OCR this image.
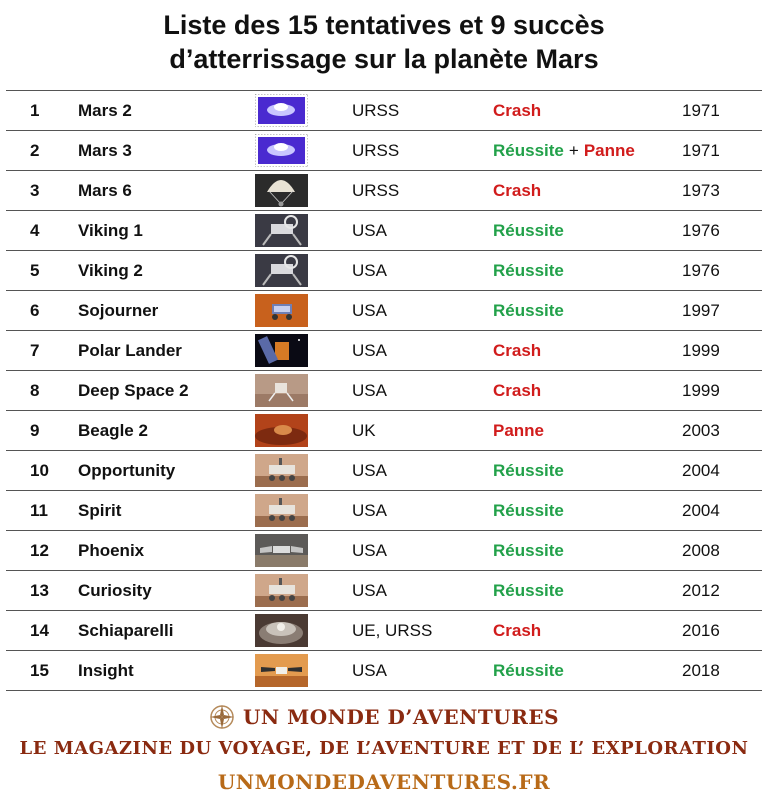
Liste des 15 tentatives et 9 succès
d’atterrissage sur la planète Mars
1 Mars 2	URSS	Crash	1971
2 Mars 3	URSS	Réussite + Panne	1971
3 Mars 6	URSS	Crash	1973
4 Viking 1	USA	Réussite	1976
5 Viking 2	USA	Réussite	1976
6 Sojourner	USA	Réussite	1997
7 Polar Lander	USA	Crash	1999
8 Deep Space 2	USA	Crash	1999
9 Beagle 2	UK	Panne	2003
10 Opportunity	USA	Réussite	2004
11 Spirit	USA	Réussite	2004
12 Phoenix	USA	Réussite	2008
13 Curiosity	USA	Réussite	2012
14 Schiaparelli	UE, URSS	Crash	2016
15 Insight	USA	Réussite	2018
UN MONDE D’AVENTURES
LE MAGAZINE DU VOYAGE, DE L’AVENTURE ET DE L’ EXPLORATION
UNMONDEDAVENTURES.FR
